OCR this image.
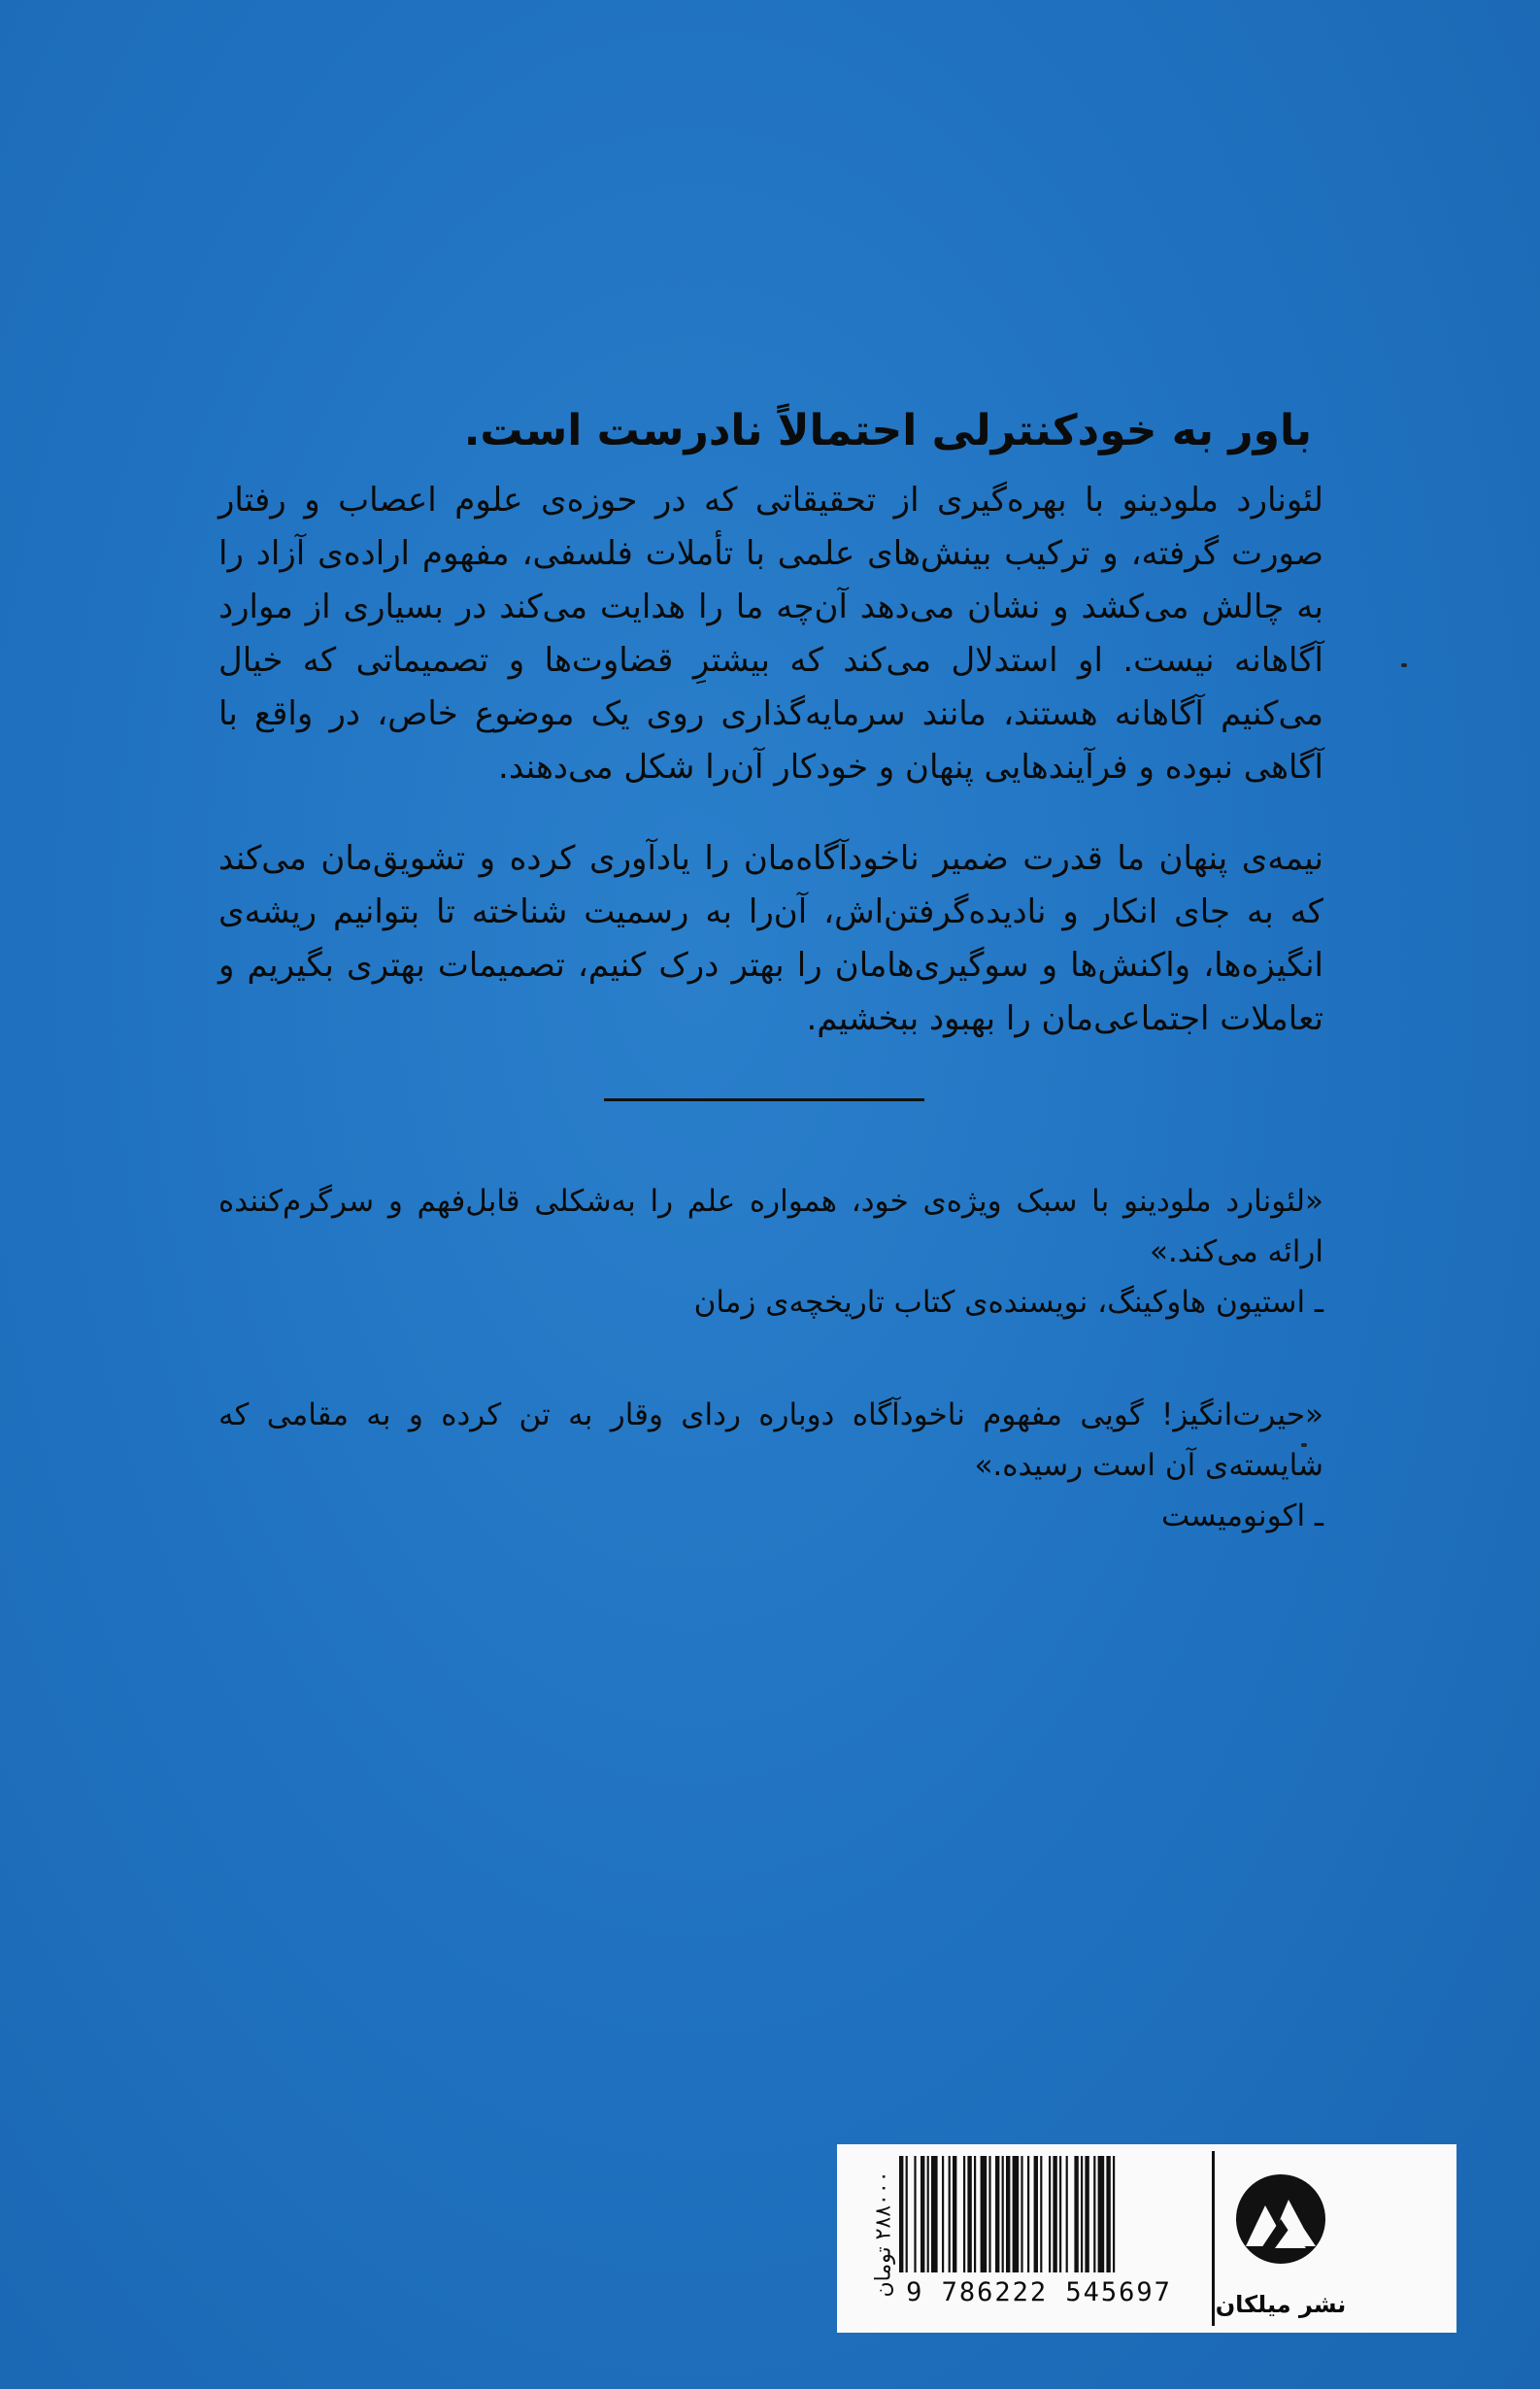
باور به خودکنترلی احتمالاً نادرست است.

لئونارد ملودینو با بهره‌گیری از تحقیقاتی که در حوزه‌ی علوم اعصاب و رفتار صورت گرفته، و ترکیب بینش‌های علمی با تأملات فلسفی، مفهوم اراده‌ی آزاد را به چالش می‌کشد و نشان می‌دهد آن‌چه ما را هدایت می‌کند در بسیاری از موارد آگاهانه نیست. او استدلال می‌کند که بیشترِ قضاوت‌ها و تصمیماتی که خیال می‌کنیم آگاهانه هستند، مانند سرمایه‌گذاری روی یک موضوع خاص، در واقع با آگاهی نبوده و فرآیندهایی پنهان و خودکار آن‌را شکل می‌دهند.

نیمه‌ی پنهان ما قدرت ضمیر ناخودآگاه‌مان را یادآوری کرده و تشویق‌مان می‌کند که به جای انکار و نادیده‌گرفتن‌اش، آن‌را به رسمیت شناخته تا بتوانیم ریشه‌ی انگیزه‌ها، واکنش‌ها و سوگیری‌هامان را بهتر درک کنیم، تصمیمات بهتری بگیریم و تعاملات اجتماعی‌مان را بهبود ببخشیم.

«لئونارد ملودینو با سبک ویژه‌ی خود، همواره علم را به‌شکلی قابل‌فهم و سرگرم‌کننده ارائه می‌کند.»

ـ استیون هاوکینگ، نویسنده‌ی کتاب تاریخچه‌ی زمان

«حیرت‌انگیز! گویی مفهوم ناخودآگاه دوباره ردای وقار به تن کرده و به مقامی که شایسته‌ی آن است رسیده.»

ـ اکونومیست

9 786222 545697
۲۸۸۰۰۰ تومان
نشر میلکان
